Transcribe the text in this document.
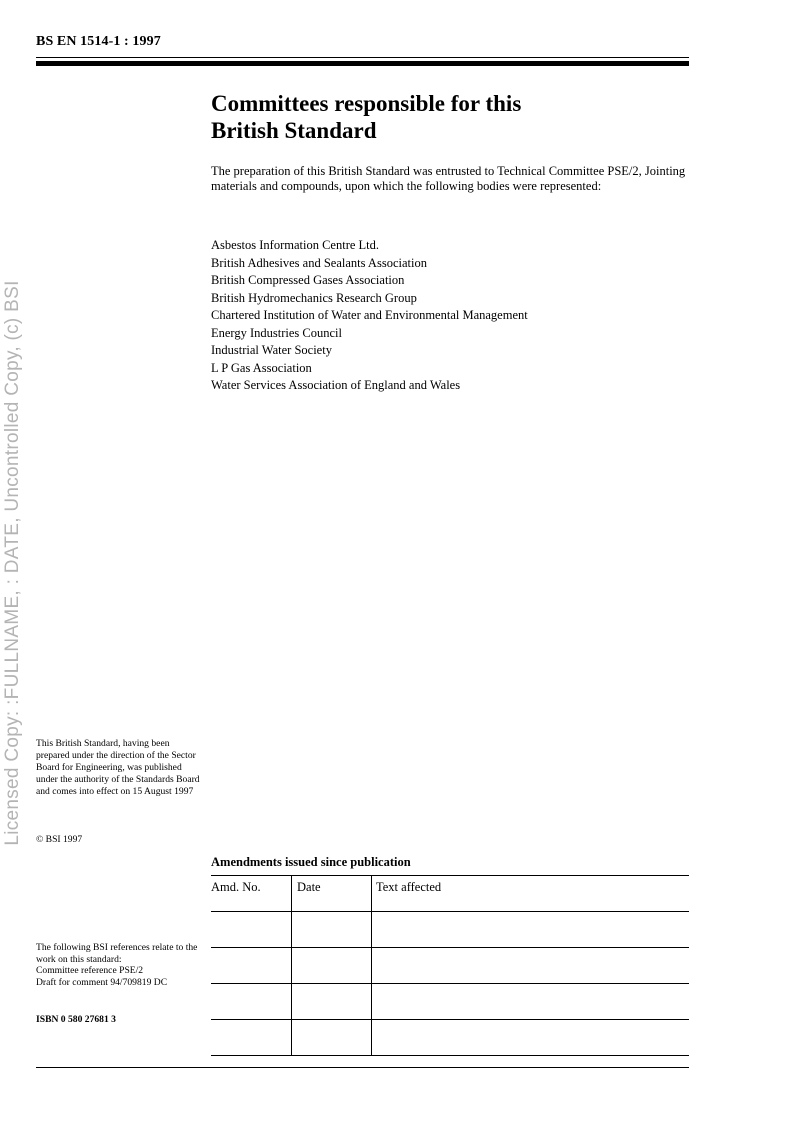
BS EN 1514-1 : 1997
Committees responsible for this
British Standard

The preparation of this British Standard was entrusted to Technical Committee PSE/2, Jointing materials and compounds, upon which the following bodies were represented:

Asbestos Information Centre Ltd.
British Adhesives and Sealants Association
British Compressed Gases Association
British Hydromechanics Research Group
Chartered Institution of Water and Environmental Management
Energy Industries Council
Industrial Water Society
L P Gas Association
Water Services Association of England and Wales
Licensed Copy: :FULLNAME, : DATE, Uncontrolled Copy, (c) BSI This British Standard, having been prepared under the direction of the Sector Board for Engineering, was published under the authority of the Standards Board and comes into effect on 15 August 1997

© BSI 1997

The following BSI references relate to the work on this standard:
Committee reference PSE/2
Draft for comment 94/709819 DC

ISBN 0 580 27681 3

Amendments issued since publication

Amd. No.	Date	Text affected
